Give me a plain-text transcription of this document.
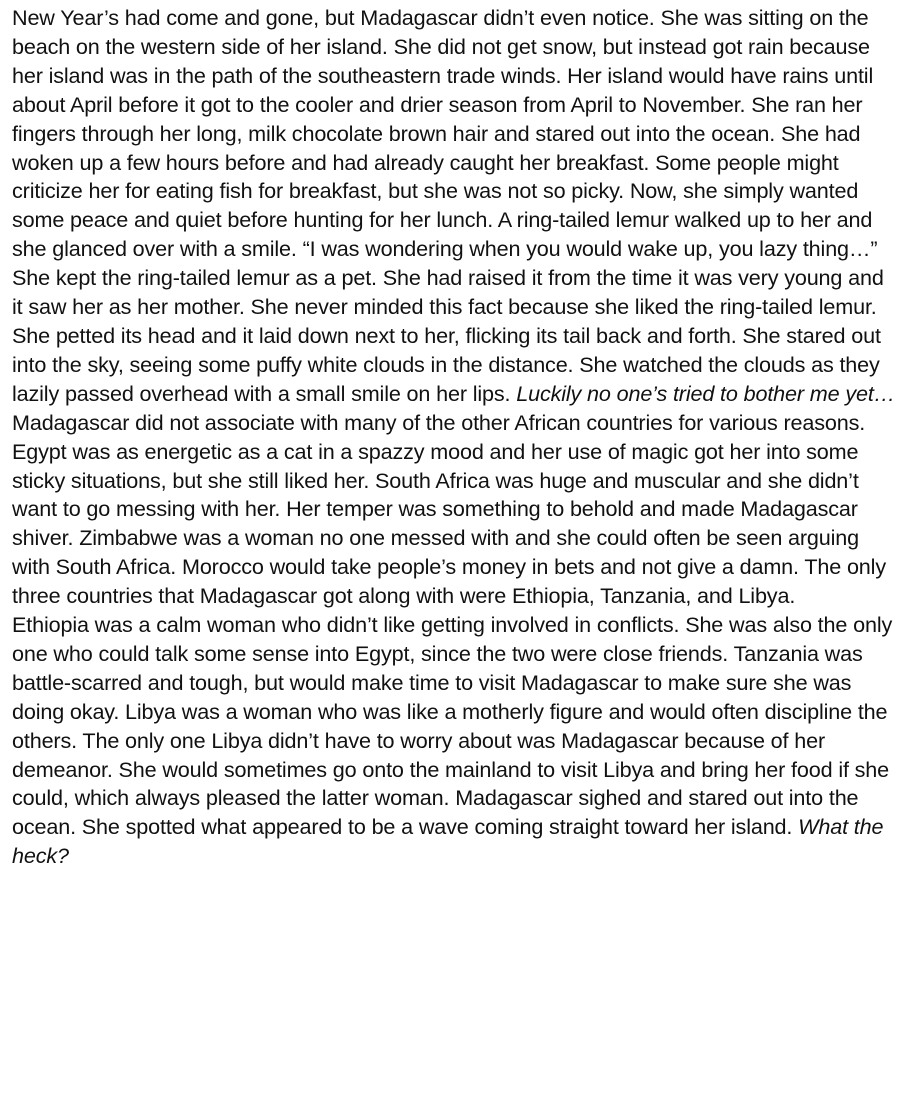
New Year’s had come and gone, but Madagascar didn’t even notice. She was sitting on the beach on the western side of her island. She did not get snow, but instead got rain because her island was in the path of the southeastern trade winds. Her island would have rains until about April before it got to the cooler and drier season from April to November. She ran her fingers through her long, milk chocolate brown hair and stared out into the ocean. She had woken up a few hours before and had already caught her breakfast. Some people might criticize her for eating fish for breakfast, but she was not so picky. Now, she simply wanted some peace and quiet before hunting for her lunch. A ring-tailed lemur walked up to her and she glanced over with a smile. “I was wondering when you would wake up, you lazy thing…”

She kept the ring-tailed lemur as a pet. She had raised it from the time it was very young and it saw her as her mother. She never minded this fact because she liked the ring-tailed lemur. She petted its head and it laid down next to her, flicking its tail back and forth. She stared out into the sky, seeing some puffy white clouds in the distance. She watched the clouds as they lazily passed overhead with a small smile on her lips. Luckily no one’s tried to bother me yet…

Madagascar did not associate with many of the other African countries for various reasons. Egypt was as energetic as a cat in a spazzy mood and her use of magic got her into some sticky situations, but she still liked her. South Africa was huge and muscular and she didn’t want to go messing with her. Her temper was something to behold and made Madagascar shiver. Zimbabwe was a woman no one messed with and she could often be seen arguing with South Africa. Morocco would take people’s money in bets and not give a damn. The only three countries that Madagascar got along with were Ethiopia, Tanzania, and Libya.

Ethiopia was a calm woman who didn’t like getting involved in conflicts. She was also the only one who could talk some sense into Egypt, since the two were close friends. Tanzania was battle-scarred and tough, but would make time to visit Madagascar to make sure she was doing okay. Libya was a woman who was like a motherly figure and would often discipline the others. The only one Libya didn’t have to worry about was Madagascar because of her demeanor. She would sometimes go onto the mainland to visit Libya and bring her food if she could, which always pleased the latter woman. Madagascar sighed and stared out into the ocean. She spotted what appeared to be a wave coming straight toward her island. What the heck?
